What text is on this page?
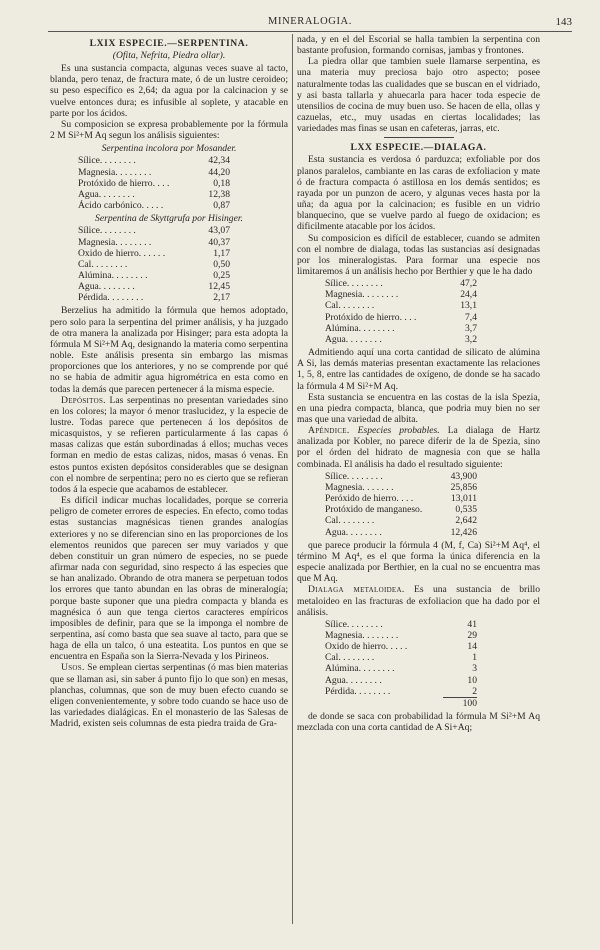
MINERALOGIA.	143
LXIX ESPECIE.—SERPENTINA.
(Ofita, Nefrita, Piedra ollar).

Es una sustancia compacta, algunas veces suave al tacto, blanda, pero tenaz, de fractura mate, ó de un lustre ceroideo; su peso específico es 2,64; da agua por la calcinacion y se vuelve entonces dura; es infusible al soplete, y atacable en parte por los ácidos.

Su composicion se expresa probablemente por la fórmula 2 M Si²+M Aq segun los análisis siguientes:

Serpentina incolora por Mosander.
Sílice. . . . . . . .	42,34
Magnesia. . . . . . . .	44,20
Protóxido de hierro. . . .	0,18
Agua. . . . . . . .	12,38
Ácido carbónico. . . . .	0,87
Serpentina de Skyttgrufa por Hisinger.
Sílice. . . . . . . .	43,07
Magnesia. . . . . . . .	40,37
Oxido de hierro. . . . . .	1,17
Cal. . . . . . . .	0,50
Alúmina. . . . . . . .	0,25
Agua. . . . . . . .	12,45
Pérdida. . . . . . . .	2,17

Berzelius ha admitido la fórmula que hemos adoptado, pero solo para la serpentina del primer análisis, y ha juzgado de otra manera la analizada por Hisinger; para esta adopta la fórmula M Si²+M Aq, designando la materia como serpentina noble. Este análisis presenta sin embargo las mismas proporciones que los anteriores, y no se comprende por qué no se habia de admitir agua higrométrica en esta como en todas la demás que parecen pertenecer á la misma especie.

Depósitos. Las serpentinas no presentan variedades sino en los colores; la mayor ó menor traslucidez, y la especie de lustre. Todas parece que pertenecen á los depósitos de micasquistos, y se refieren particularmente á las capas ó masas calizas que están subordinadas á ellos; muchas veces forman en medio de estas calizas, nidos, masas ó venas. En estos puntos existen depósitos considerables que se designan con el nombre de serpentina; pero no es cierto que se refieran todos á la especie que acabamos de establecer.

Es difícil indicar muchas localidades, porque se correria peligro de cometer errores de especies. En efecto, como todas estas sustancias magnésicas tienen grandes analogías exteriores y no se diferencian sino en las proporciones de los elementos reunidos que parecen ser muy variados y que deben constituir un gran número de especies, no se puede afirmar nada con seguridad, sino respecto á las especies que se han analizado. Obrando de otra manera se perpetuan todos los errores que tanto abundan en las obras de mineralogía; porque baste suponer que una piedra compacta y blanda es magnésica ó aun que tenga ciertos caracteres empíricos imposibles de definir, para que se la imponga el nombre de serpentina, así como basta que sea suave al tacto, para que se haga de ella un talco, ó una esteatita. Los puntos en que se encuentra en España son la Sierra-Nevada y los Pirineos.

Usos. Se emplean ciertas serpentinas (ó mas bien materias que se llaman asi, sin saber á punto fijo lo que son) en mesas, planchas, columnas, que son de muy buen efecto cuando se eligen convenientemente, y sobre todo cuando se hace uso de las variedades dialágicas. En el monasterio de las Salesas de Madrid, existen seis columnas de esta piedra traida de Gra-

nada, y en el del Escorial se halla tambien la serpentina con bastante profusion, formando cornisas, jambas y frontones.

La piedra ollar que tambien suele llamarse serpentina, es una materia muy preciosa bajo otro aspecto; posee naturalmente todas las cualidades que se buscan en el vidriado, y asi basta tallarla y ahuecarla para hacer toda especie de utensilios de cocina de muy buen uso. Se hacen de ella, ollas y cazuelas, etc., muy usadas en ciertas localidades; las variedades mas finas se usan en cafeteras, jarras, etc.

LXX ESPECIE.—DIALAGA.

Esta sustancia es verdosa ó parduzca; exfoliable por dos planos paralelos, cambiante en las caras de exfoliacion y mate ó de fractura compacta ó astillosa en los demás sentidos; es rayada por un punzon de acero, y algunas veces hasta por la uña; da agua por la calcinacion; es fusible en un vidrio blanquecino, que se vuelve pardo al fuego de oxidacion; es dificilmente atacable por los ácidos.

Su composicion es difícil de establecer, cuando se admiten con el nombre de dialaga, todas las sustancias así designadas por los mineralogistas. Para formar una especie nos limitaremos á un análisis hecho por Berthier y que le ha dado

Sílice. . . . . . . .	47,2
Magnesia. . . . . . . .	24,4
Cal. . . . . . . .	13,1
Protóxido de hierro. . . .	7,4
Alúmina. . . . . . . .	3,7
Agua. . . . . . . .	3,2

Admitiendo aquí una corta cantidad de silicato de alúmina A Si, las demás materias presentan exactamente las relaciones 1, 5, 8, entre las cantidades de oxígeno, de donde se ha sacado la fórmula 4 M Si²+M Aq.

Esta sustancia se encuentra en las costas de la isla Spezia, en una piedra compacta, blanca, que podria muy bien no ser mas que una variedad de albita.

Apéndice. Especies probables. La dialaga de Hartz analizada por Kobler, no parece diferir de la de Spezia, sino por el órden del hidrato de magnesia con que se halla combinada. El análisis ha dado el resultado siguiente:

Sílice. . . . . . . .	43,900
Magnesia. . . . . . .	25,856
Peróxido de hierro. . . .	13,011
Protóxido de manganeso.	0,535
Cal. . . . . . . .	2,642
Agua. . . . . . . .	12,426

que parece producir la fórmula 4 (M, f, Ca) Si²+M Aq⁴, el término M Aq⁴, es el que forma la única diferencia en la especie analizada por Berthier, en la cual no se encuentra mas que M Aq.

Dialaga metaloidea. Es una sustancia de brillo metaloideo en las fracturas de exfoliacion que ha dado por el análisis.

Sílice. . . . . . . .	41
Magnesia. . . . . . . .	29
Oxido de hierro. . . . .	14
Cal. . . . . . . .	1
Alúmina. . . . . . . .	3
Agua. . . . . . . .	10
Pérdida. . . . . . . .	2
	100

de donde se saca con probabilidad la fórmula M Si²+M Aq mezclada con una corta cantidad de A Si+Aq;
